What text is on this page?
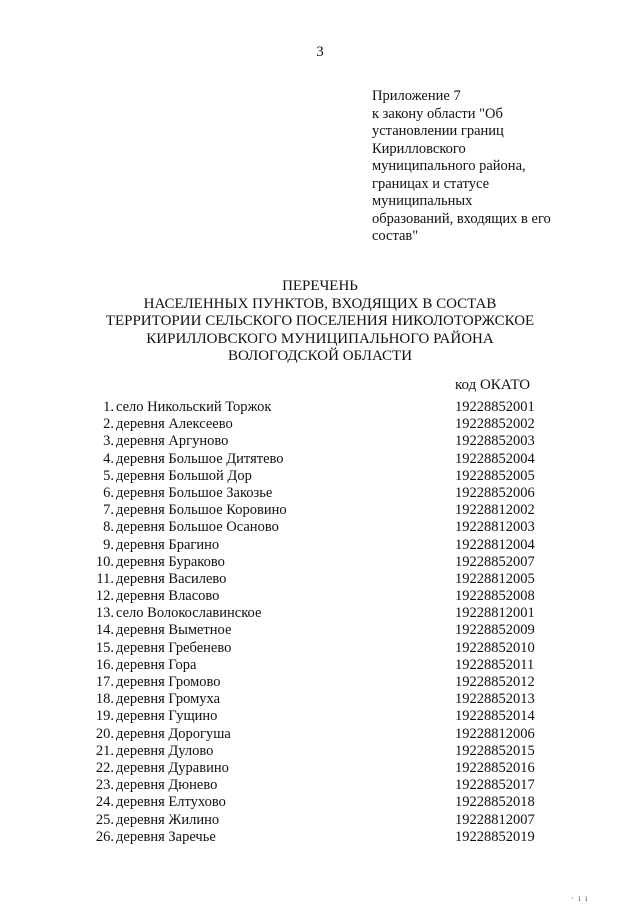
3
Приложение 7
к закону области "Об
установлении границ
Кирилловского
муниципального района,
границах и статусе
муниципальных
образований, входящих в его
состав"
ПЕРЕЧЕНЬ
НАСЕЛЕННЫХ ПУНКТОВ, ВХОДЯЩИХ В СОСТАВ
ТЕРРИТОРИИ СЕЛЬСКОГО ПОСЕЛЕНИЯ НИКОЛОТОРЖСКОЕ
КИРИЛЛОВСКОГО МУНИЦИПАЛЬНОГО РАЙОНА
ВОЛОГОДСКОЙ ОБЛАСТИ
код ОКАТО
1. село Никольский Торжок	19228852001
2. деревня Алексеево	19228852002
3. деревня Аргуново	19228852003
4. деревня Большое Дитятево	19228852004
5. деревня Большой Дор	19228852005
6. деревня Большое Закозье	19228852006
7. деревня Большое Коровино	19228812002
8. деревня Большое Осаново	19228812003
9. деревня Брагино	19228812004
10. деревня Бураково	19228852007
11. деревня Василево	19228812005
12. деревня Власово	19228852008
13. село Волокославинское	19228812001
14. деревня Выметное	19228852009
15. деревня Гребенево	19228852010
16. деревня Гора	19228852011
17. деревня Громово	19228852012
18. деревня Громуха	19228852013
19. деревня Гущино	19228852014
20. деревня Дорогуша	19228812006
21. деревня Дулово	19228852015
22. деревня Дуравино	19228852016
23. деревня Дюнево	19228852017
24. деревня Елтухово	19228852018
25. деревня Жилино	19228812007
26. деревня Заречье	19228852019
· ı ı
